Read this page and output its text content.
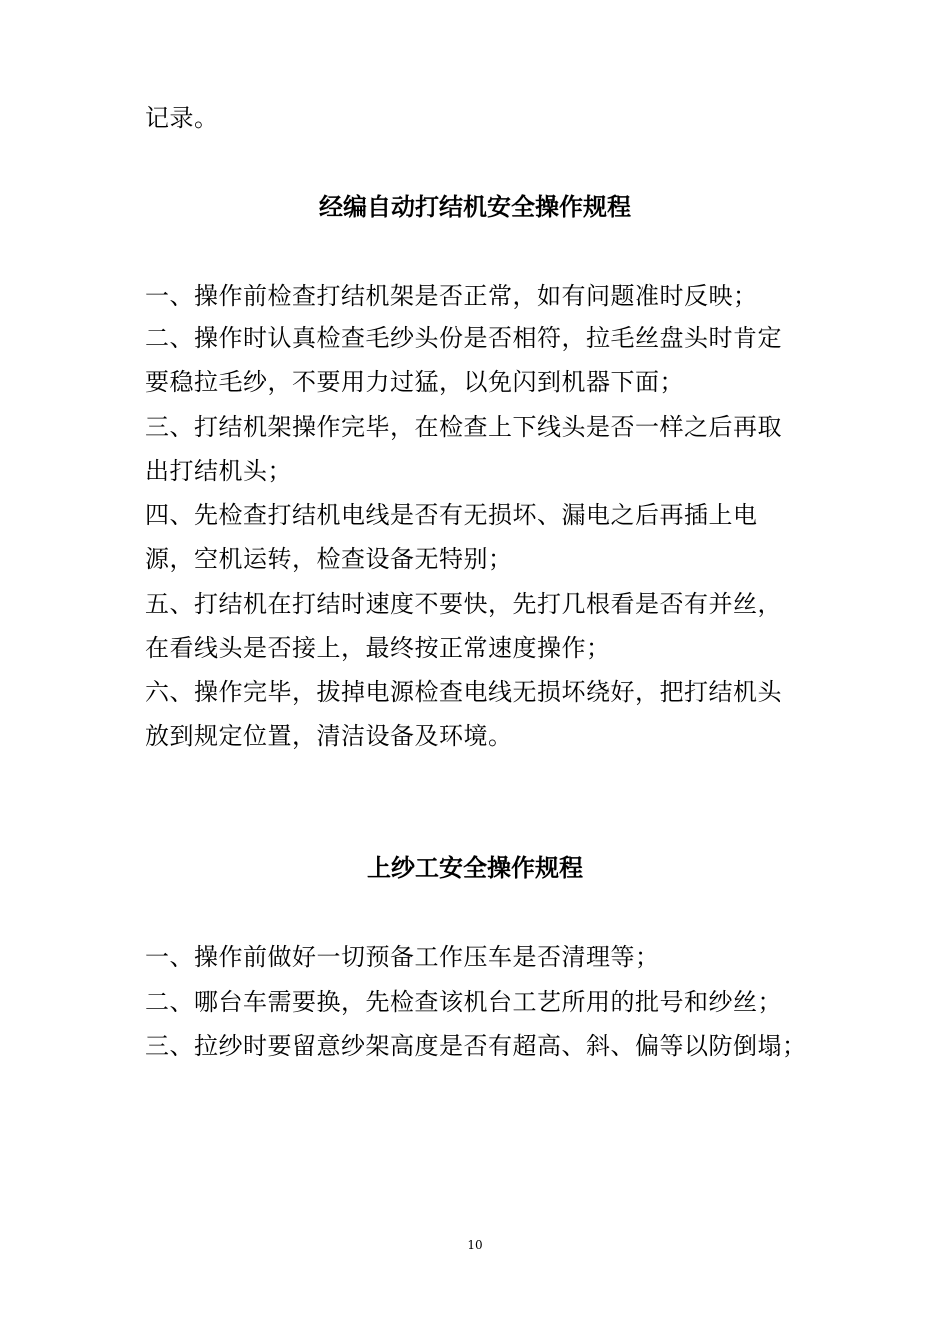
记录。
经编自动打结机安全操作规程
一、操作前检查打结机架是否正常，如有问题准时反映；
二、操作时认真检查毛纱头份是否相符，拉毛丝盘头时肯定
要稳拉毛纱，不要用力过猛，以免闪到机器下面；
三、打结机架操作完毕，在检查上下线头是否一样之后再取
出打结机头；
四、先检查打结机电线是否有无损坏、漏电之后再插上电
源，空机运转，检查设备无特别；
五、打结机在打结时速度不要快，先打几根看是否有并丝，
在看线头是否接上，最终按正常速度操作；
六、操作完毕，拔掉电源检查电线无损坏绕好，把打结机头
放到规定位置，清洁设备及环境。
上纱工安全操作规程
一、操作前做好一切预备工作压车是否清理等；
二、哪台车需要换，先检查该机台工艺所用的批号和纱丝；
三、拉纱时要留意纱架高度是否有超高、斜、偏等以防倒塌；
10
